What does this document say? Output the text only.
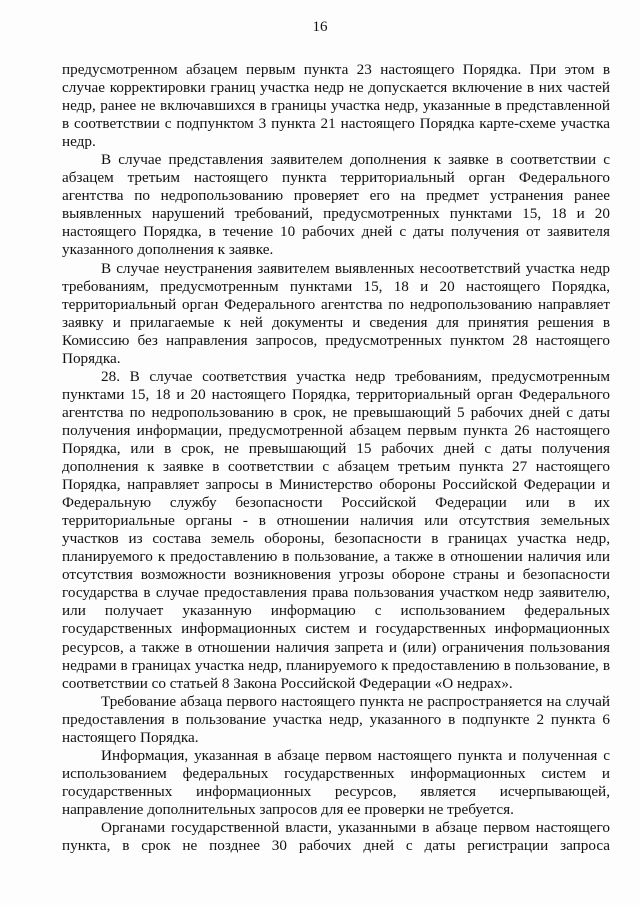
16

предусмотренном абзацем первым пункта 23 настоящего Порядка. При этом в случае корректировки границ участка недр не допускается включение в них частей недр, ранее не включавшихся в границы участка недр, указанные в представленной в соответствии с подпунктом 3 пункта 21 настоящего Порядка карте-схеме участка недр.

В случае представления заявителем дополнения к заявке в соответствии с абзацем третьим настоящего пункта территориальный орган Федерального агентства по недропользованию проверяет его на предмет устранения ранее выявленных нарушений требований, предусмотренных пунктами 15, 18 и 20 настоящего Порядка, в течение 10 рабочих дней с даты получения от заявителя указанного дополнения к заявке.

В случае неустранения заявителем выявленных несоответствий участка недр требованиям, предусмотренным пунктами 15, 18 и 20 настоящего Порядка, территориальный орган Федерального агентства по недропользованию направляет заявку и прилагаемые к ней документы и сведения для принятия решения в Комиссию без направления запросов, предусмотренных пунктом 28 настоящего Порядка.

28. В случае соответствия участка недр требованиям, предусмотренным пунктами 15, 18 и 20 настоящего Порядка, территориальный орган Федерального агентства по недропользованию в срок, не превышающий 5 рабочих дней с даты получения информации, предусмотренной абзацем первым пункта 26 настоящего Порядка, или в срок, не превышающий 15 рабочих дней с даты получения дополнения к заявке в соответствии с абзацем третьим пункта 27 настоящего Порядка, направляет запросы в Министерство обороны Российской Федерации и Федеральную службу безопасности Российской Федерации или в их территориальные органы - в отношении наличия или отсутствия земельных участков из состава земель обороны, безопасности в границах участка недр, планируемого к предоставлению в пользование, а также в отношении наличия или отсутствия возможности возникновения угрозы обороне страны и безопасности государства в случае предоставления права пользования участком недр заявителю, или получает указанную информацию с использованием федеральных государственных информационных систем и государственных информационных ресурсов, а также в отношении наличия запрета и (или) ограничения пользования недрами в границах участка недр, планируемого к предоставлению в пользование, в соответствии со статьей 8 Закона Российской Федерации «О недрах».

Требование абзаца первого настоящего пункта не распространяется на случай предоставления в пользование участка недр, указанного в подпункте 2 пункта 6 настоящего Порядка.

Информация, указанная в абзаце первом настоящего пункта и полученная с использованием федеральных государственных информационных систем и государственных информационных ресурсов, является исчерпывающей, направление дополнительных запросов для ее проверки не требуется.

Органами государственной власти, указанными в абзаце первом настоящего пункта, в срок не позднее 30 рабочих дней с даты регистрации запроса
